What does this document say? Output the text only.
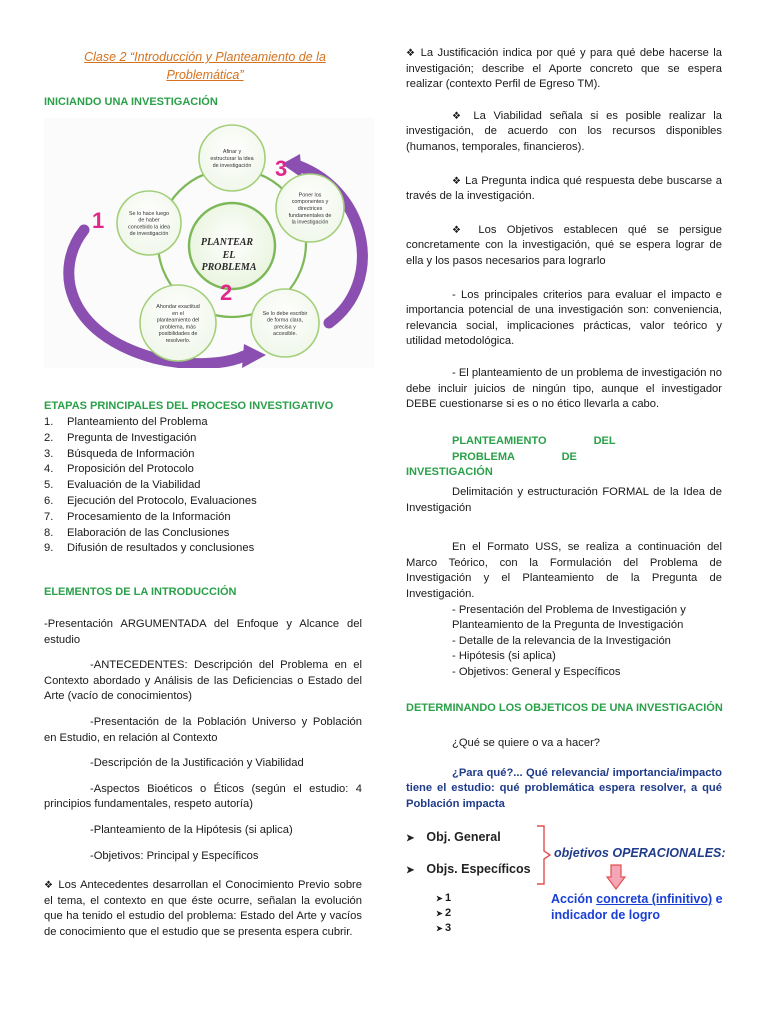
Clase 2 “Introducción y Planteamiento de la
Problemática”
INICIANDO UNA INVESTIGACIÓN
PLANTEAR
EL
PROBLEMA
1
2
3
Afinar y
estructurar la idea
de investigación
Poner los
componentes y
directrices
fundamentales de
la investigación
Se lo debe escribir
de forma clara,
precisa y
accesible.
Ahondar exactitud
en el
planteamiento del
problema, más
posibilidades de
resolverlo.
Se lo hace luego
de haber
concebido la idea
de investigación
ETAPAS PRINCIPALES DEL PROCESO INVESTIGATIVO
1.	Planteamiento del Problema
2.	Pregunta de Investigación
3.	Búsqueda de Información
4.	Proposición del Protocolo
5.	Evaluación de la Viabilidad
6.	Ejecución del Protocolo, Evaluaciones
7.	Procesamiento de la Información
8.	Elaboración de las Conclusiones
9.	Difusión de resultados y conclusiones
ELEMENTOS DE LA INTRODUCCIÓN

-Presentación ARGUMENTADA del Enfoque y Alcance del estudio

-ANTECEDENTES: Descripción del Problema en el Contexto abordado y Análisis de las Deficiencias o Estado del Arte (vacío de conocimientos)

-Presentación de la Población Universo y Población en Estudio, en relación al Contexto

-Descripción de la Justificación y Viabilidad

-Aspectos Bioéticos o Éticos (según el estudio: 4 principios fundamentales, respeto autoría)

-Planteamiento de la Hipótesis (si aplica)

-Objetivos: Principal y Específicos

❖ Los Antecedentes desarrollan el Conocimiento Previo sobre el tema, el contexto en que éste ocurre, señalan la evolución que ha tenido el estudio del problema: Estado del Arte y vacíos de conocimiento que el estudio que se presenta espera cubrir.

❖ La Justificación indica por qué y para qué debe hacerse la investigación; describe el Aporte concreto que se espera realizar (contexto Perfil de Egreso TM).

❖ La Viabilidad señala si es posible realizar la investigación, de acuerdo con los recursos disponibles (humanos, temporales, financieros).

❖ La Pregunta indica qué respuesta debe buscarse a través de la investigación.

❖ Los Objetivos establecen qué se persigue concretamente con la investigación, qué se espera lograr de ella y los pasos necesarios para lograrlo

- Los principales criterios para evaluar el impacto e importancia potencial de una investigación son: conveniencia, relevancia social, implicaciones prácticas, valor teórico y utilidad metodológica.

- El planteamiento de un problema de investigación no debe incluir juicios de ningún tipo, aunque el investigador DEBE cuestionarse si es o no ético llevarla a cabo.

PLANTEAMIENTO DEL PROBLEMA DE
INVESTIGACIÓN

Delimitación y estructuración FORMAL de la Idea de Investigación

En el Formato USS, se realiza a continuación del Marco Teórico, con la Formulación del Problema de Investigación y el Planteamiento de la Pregunta de Investigación.

- Presentación del Problema de Investigación y
Planteamiento de la Pregunta de Investigación
- Detalle de la relevancia de la Investigación
- Hipótesis (si aplica)
- Objetivos: General y Específicos
DETERMINANDO LOS OBJETICOS DE UNA INVESTIGACIÓN

¿Qué se quiere o va a hacer?

¿Para qué?... Qué relevancia/ importancia/impacto tiene el estudio: qué problemática espera resolver, a qué Población impacta

➤ Obj. General
➤ Objs. Específicos
objetivos OPERACIONALES:
Acción concreta (infinitivo) e
indicador de logro
➤ 1
➤ 2
➤ 3
